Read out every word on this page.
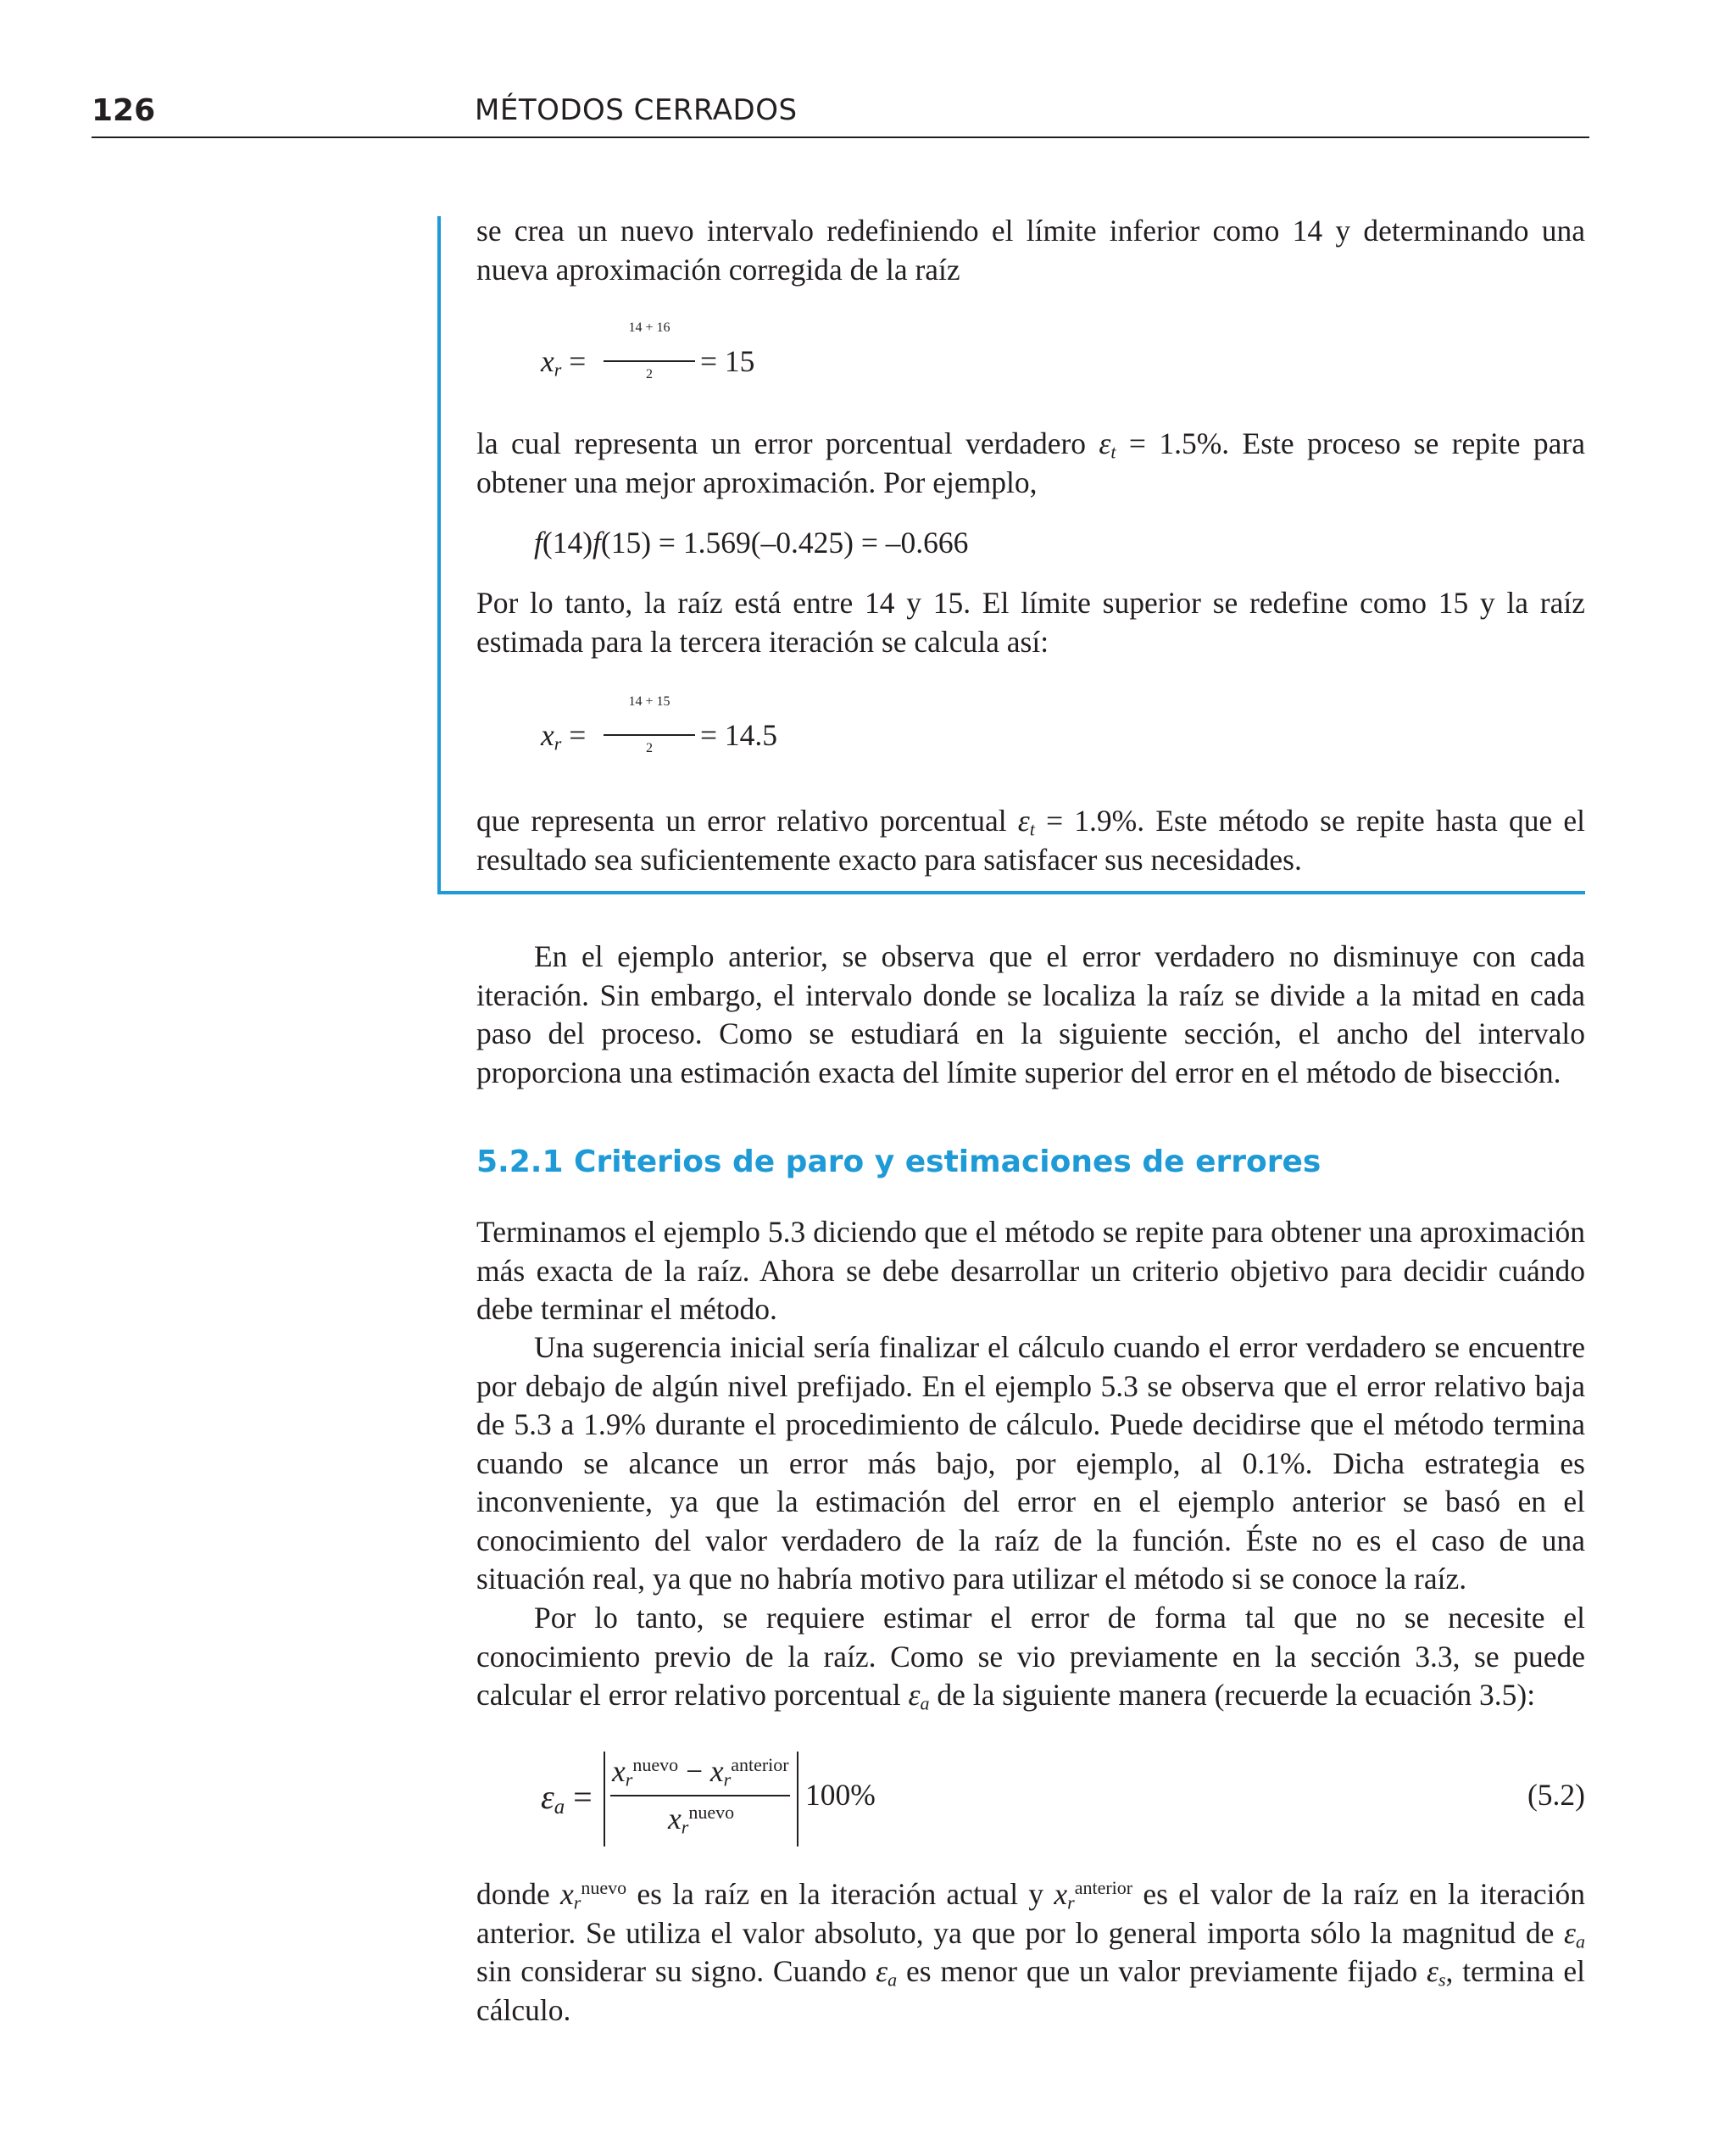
126	MÉTODOS CERRADOS
se crea un nuevo intervalo redefiniendo el límite inferior como 14 y determinando una nueva aproximación corregida de la raíz
$x_r$ =
14 + 16
2	= 15
la cual representa un error porcentual verdadero $\varepsilon_t = 1.5\%$. Este proceso se repite para obtener una mejor aproximación. Por ejemplo,
f(14)f(15) = 1.569(–0.425) = –0.666
Por lo tanto, la raíz está entre 14 y 15. El límite superior se redefine como 15 y la raíz estimada para la tercera iteración se calcula así:
$x_r$ =
14 + 15
2	= 14.5
que representa un error relativo porcentual $\varepsilon_t = 1.9\%$. Este método se repite hasta que el resultado sea suficientemente exacto para satisfacer sus necesidades.
En el ejemplo anterior, se observa que el error verdadero no disminuye con cada iteración. Sin embargo, el intervalo donde se localiza la raíz se divide a la mitad en cada paso del proceso. Como se estudiará en la siguiente sección, el ancho del intervalo proporciona una estimación exacta del límite superior del error en el método de bisección.
5.2.1 Criterios de paro y estimaciones de errores
Terminamos el ejemplo 5.3 diciendo que el método se repite para obtener una aproximación más exacta de la raíz. Ahora se debe desarrollar un criterio objetivo para decidir cuándo debe terminar el método.
Una sugerencia inicial sería finalizar el cálculo cuando el error verdadero se encuentre por debajo de algún nivel prefijado. En el ejemplo 5.3 se observa que el error relativo baja de 5.3 a 1.9% durante el procedimiento de cálculo. Puede decidirse que el método termina cuando se alcance un error más bajo, por ejemplo, al 0.1%. Dicha estrategia es inconveniente, ya que la estimación del error en el ejemplo anterior se basó en el conocimiento del valor verdadero de la raíz de la función. Éste no es el caso de una situación real, ya que no habría motivo para utilizar el método si se conoce la raíz.
Por lo tanto, se requiere estimar el error de forma tal que no se necesite el conocimiento previo de la raíz. Como se vio previamente en la sección 3.3, se puede calcular el error relativo porcentual $\varepsilon_a$ de la siguiente manera (recuerde la ecuación 3.5):
$\varepsilon_a$ =
$x_r^{nuevo} - x_r^{anterior}$
$x_r^{nuevo}$
100%	(5.2)
donde $x_r^{nuevo}$ es la raíz en la iteración actual y $x_r^{anterior}$ es el valor de la raíz en la iteración anterior. Se utiliza el valor absoluto, ya que por lo general importa sólo la magnitud de $\varepsilon_a$ sin considerar su signo. Cuando $\varepsilon_a$ es menor que un valor previamente fijado $\varepsilon_s$, termina el cálculo.
